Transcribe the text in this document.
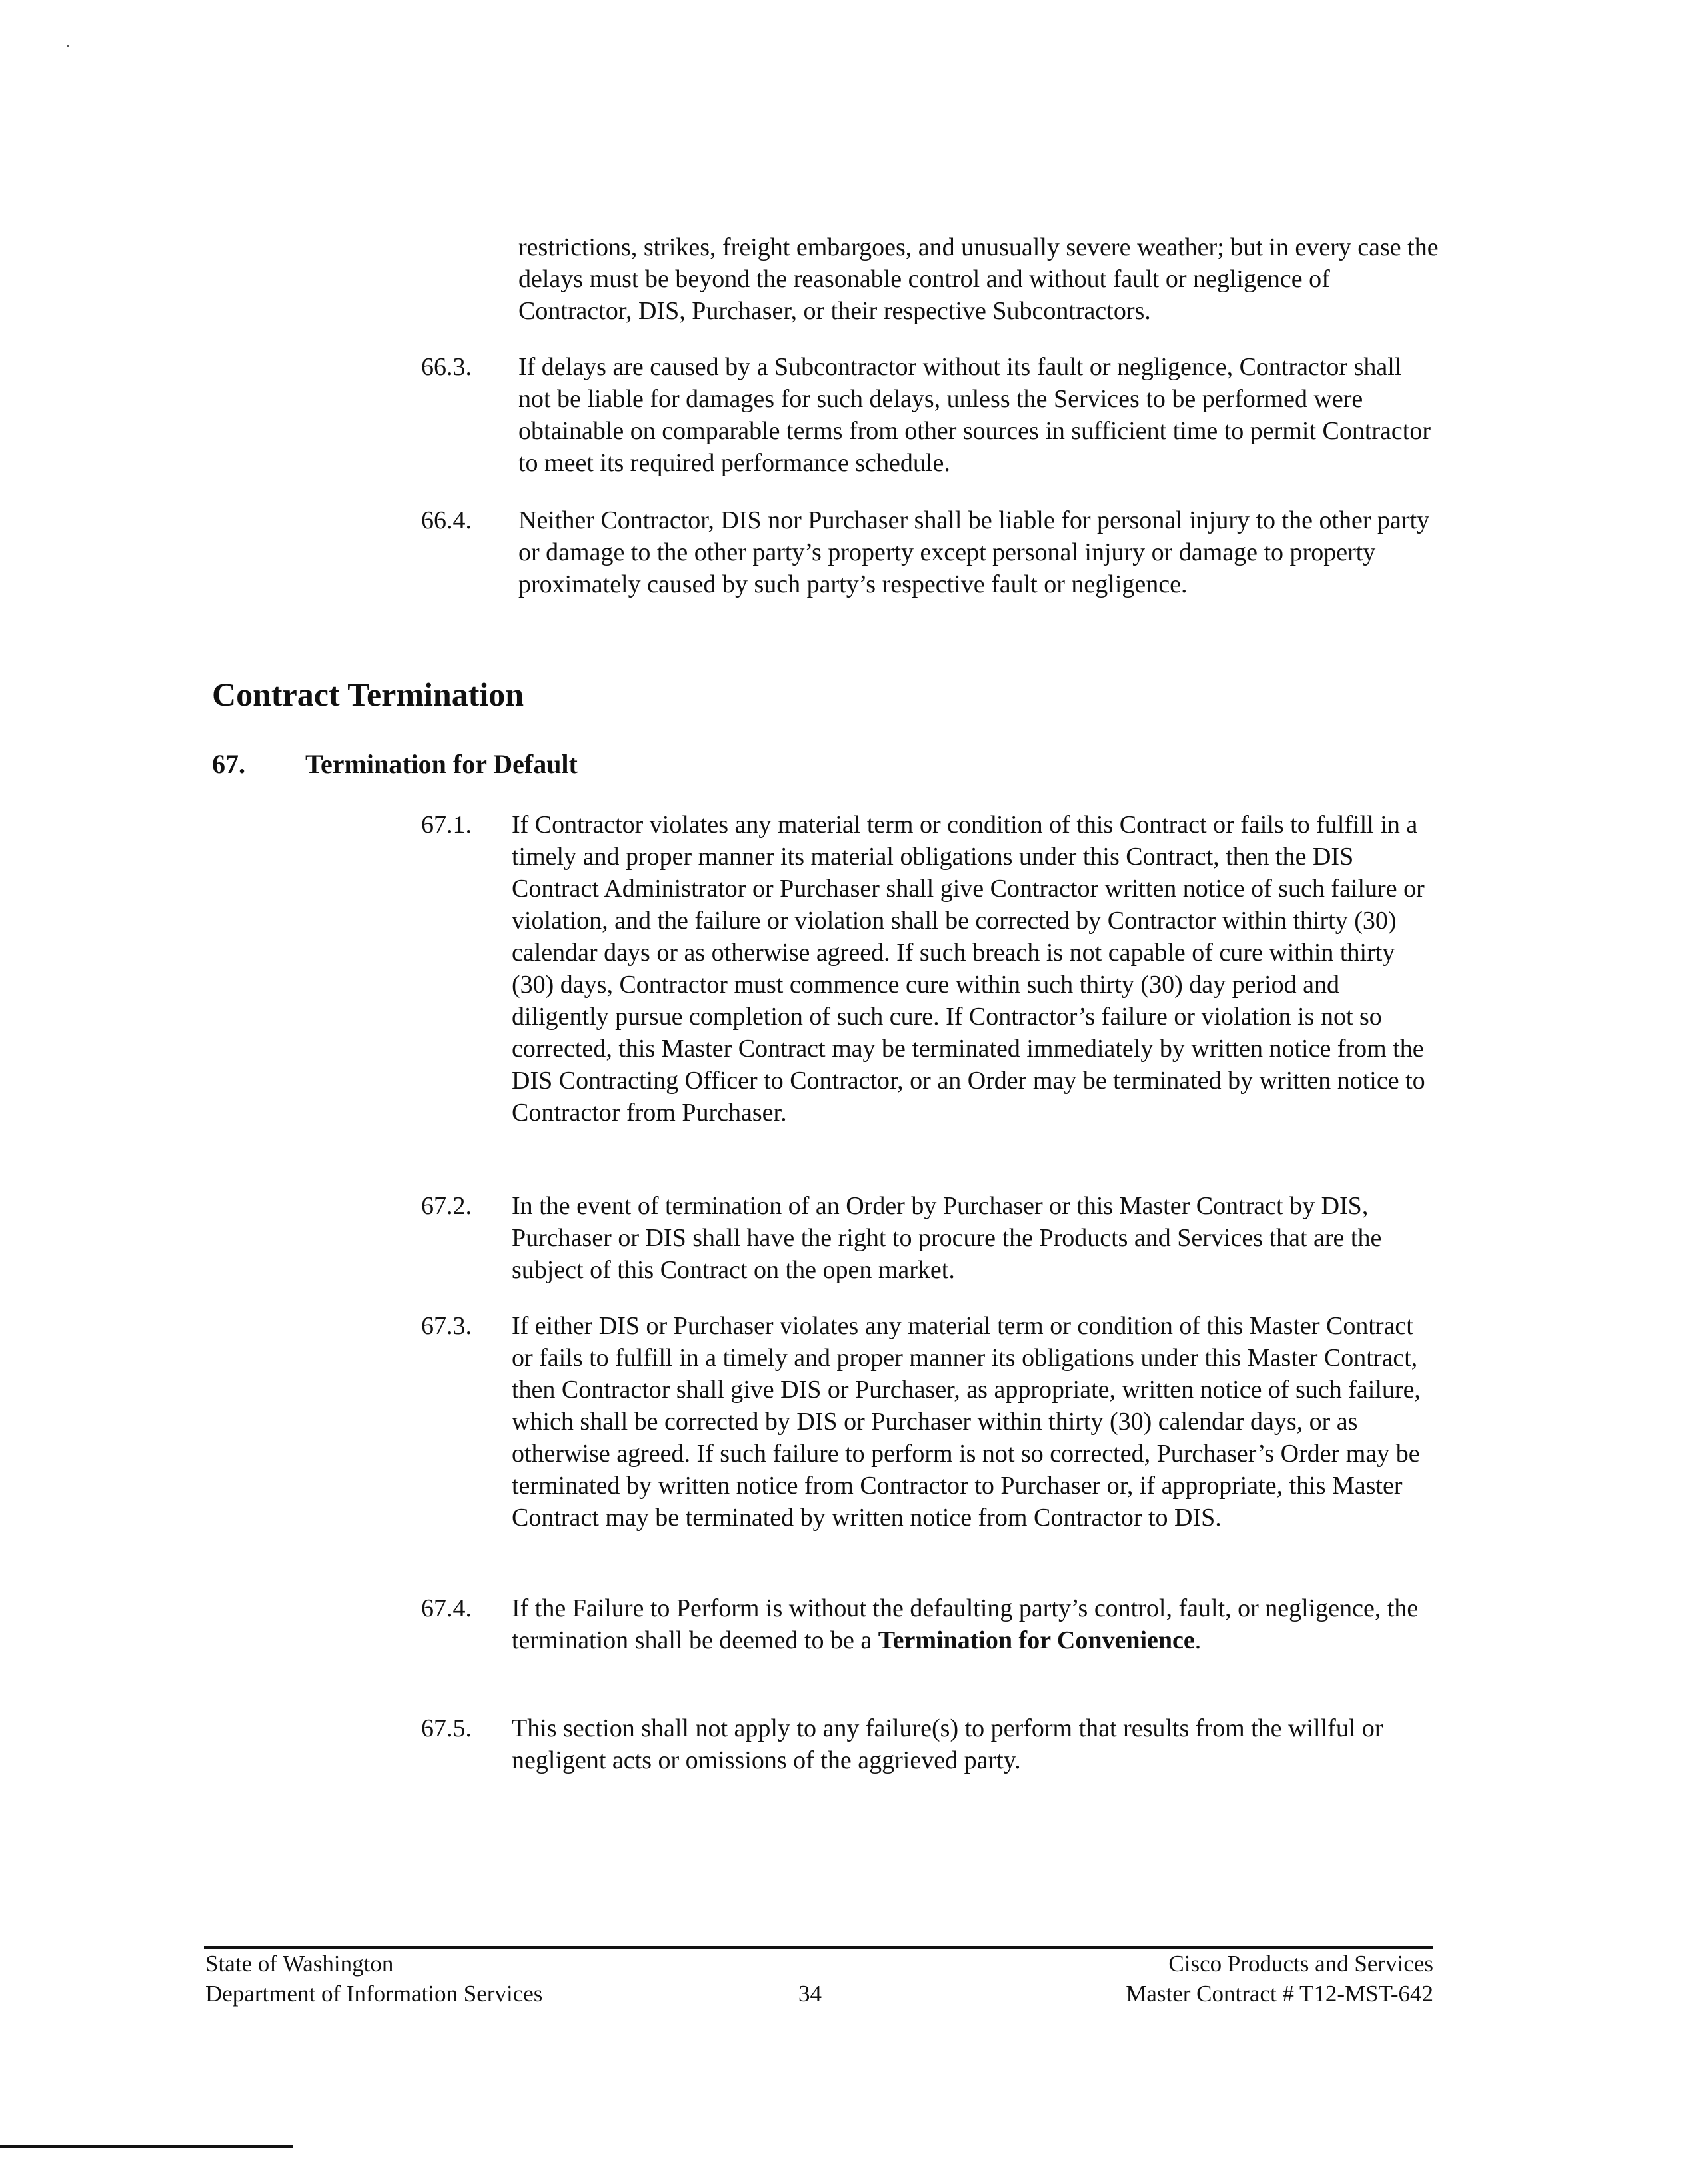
restrictions, strikes, freight embargoes, and unusually severe weather; but in every case the delays must be beyond the reasonable control and without fault or negligence of Contractor, DIS, Purchaser, or their respective Subcontractors.

66.3. If delays are caused by a Subcontractor without its fault or negligence, Contractor shall not be liable for damages for such delays, unless the Services to be performed were obtainable on comparable terms from other sources in sufficient time to permit Contractor to meet its required performance schedule.

66.4. Neither Contractor, DIS nor Purchaser shall be liable for personal injury to the other party or damage to the other party’s property except personal injury or damage to property proximately caused by such party’s respective fault or negligence.

Contract Termination
67. Termination for Default
67.1. If Contractor violates any material term or condition of this Contract or fails to fulfill in a timely and proper manner its material obligations under this Contract, then the DIS Contract Administrator or Purchaser shall give Contractor written notice of such failure or violation, and the failure or violation shall be corrected by Contractor within thirty (30) calendar days or as otherwise agreed. If such breach is not capable of cure within thirty (30) days, Contractor must commence cure within such thirty (30) day period and diligently pursue completion of such cure. If Contractor’s failure or violation is not so corrected, this Master Contract may be terminated immediately by written notice from the DIS Contracting Officer to Contractor, or an Order may be terminated by written notice to Contractor from Purchaser.

67.2. In the event of termination of an Order by Purchaser or this Master Contract by DIS, Purchaser or DIS shall have the right to procure the Products and Services that are the subject of this Contract on the open market.

67.3. If either DIS or Purchaser violates any material term or condition of this Master Contract or fails to fulfill in a timely and proper manner its obligations under this Master Contract, then Contractor shall give DIS or Purchaser, as appropriate, written notice of such failure, which shall be corrected by DIS or Purchaser within thirty (30) calendar days, or as otherwise agreed. If such failure to perform is not so corrected, Purchaser’s Order may be terminated by written notice from Contractor to Purchaser or, if appropriate, this Master Contract may be terminated by written notice from Contractor to DIS.

67.4. If the Failure to Perform is without the defaulting party’s control, fault, or negligence, the termination shall be deemed to be a Termination for Convenience.

67.5. This section shall not apply to any failure(s) to perform that results from the willful or negligent acts or omissions of the aggrieved party.

State of Washington
Department of Information Services	34
Cisco Products and Services
Master Contract # T12-MST-642
